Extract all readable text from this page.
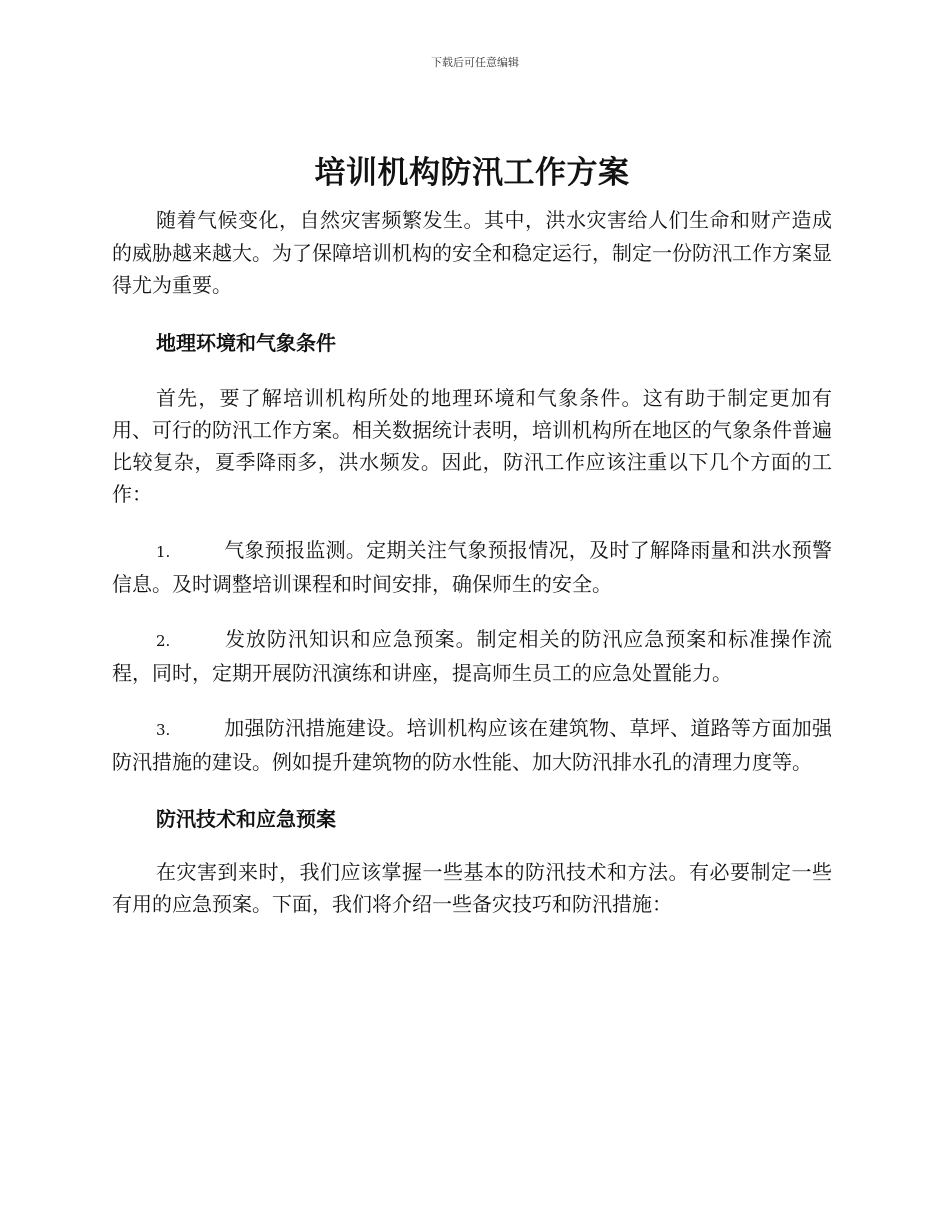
下载后可任意编辑
培训机构防汛工作方案

随着气候变化，自然灾害频繁发生。其中，洪水灾害给人们生命和财产造成的威胁越来越大。为了保障培训机构的安全和稳定运行，制定一份防汛工作方案显得尤为重要。

地理环境和气象条件

首先，要了解培训机构所处的地理环境和气象条件。这有助于制定更加有用、可行的防汛工作方案。相关数据统计表明，培训机构所在地区的气象条件普遍比较复杂，夏季降雨多，洪水频发。因此，防汛工作应该注重以下几个方面的工作：

1.	气象预报监测。定期关注气象预报情况，及时了解降雨量和洪水预警信息。及时调整培训课程和时间安排，确保师生的安全。

2.	发放防汛知识和应急预案。制定相关的防汛应急预案和标准操作流程，同时，定期开展防汛演练和讲座，提高师生员工的应急处置能力。

3.	加强防汛措施建设。培训机构应该在建筑物、草坪、道路等方面加强防汛措施的建设。例如提升建筑物的防水性能、加大防汛排水孔的清理力度等。

防汛技术和应急预案

在灾害到来时，我们应该掌握一些基本的防汛技术和方法。有必要制定一些有用的应急预案。下面，我们将介绍一些备灾技巧和防汛措施：
